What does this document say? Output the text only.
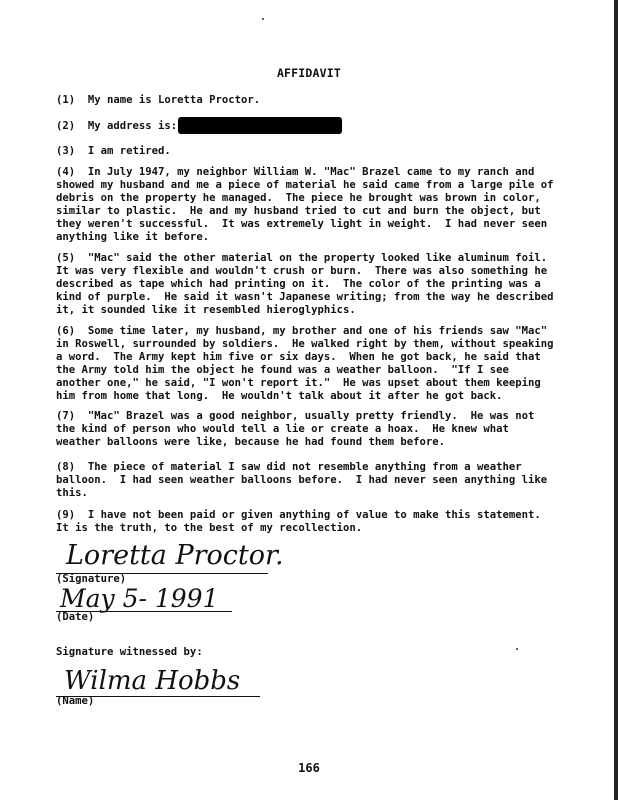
AFFIDAVIT

(1)  My name is Loretta Proctor.

(2)  My address is:

(3)  I am retired.

(4)  In July 1947, my neighbor William W. "Mac" Brazel came to my ranch and
showed my husband and me a piece of material he said came from a large pile of
debris on the property he managed.  The piece he brought was brown in color,
similar to plastic.  He and my husband tried to cut and burn the object, but
they weren't successful.  It was extremely light in weight.  I had never seen
anything like it before.

(5)  "Mac" said the other material on the property looked like aluminum foil.
It was very flexible and wouldn't crush or burn.  There was also something he
described as tape which had printing on it.  The color of the printing was a
kind of purple.  He said it wasn't Japanese writing; from the way he described
it, it sounded like it resembled hieroglyphics.

(6)  Some time later, my husband, my brother and one of his friends saw "Mac"
in Roswell, surrounded by soldiers.  He walked right by them, without speaking
a word.  The Army kept him five or six days.  When he got back, he said that
the Army told him the object he found was a weather balloon.  "If I see
another one," he said, "I won't report it."  He was upset about them keeping
him from home that long.  He wouldn't talk about it after he got back.

(7)  "Mac" Brazel was a good neighbor, usually pretty friendly.  He was not
the kind of person who would tell a lie or create a hoax.  He knew what
weather balloons were like, because he had found them before.

(8)  The piece of material I saw did not resemble anything from a weather
balloon.  I had seen weather balloons before.  I had never seen anything like
this.

(9)  I have not been paid or given anything of value to make this statement.
It is the truth, to the best of my recollection.

Loretta Proctor.
(Signature)
May 5- 1991
(Date)
Signature witnessed by:
Wilma Hobbs
(Name)
166
